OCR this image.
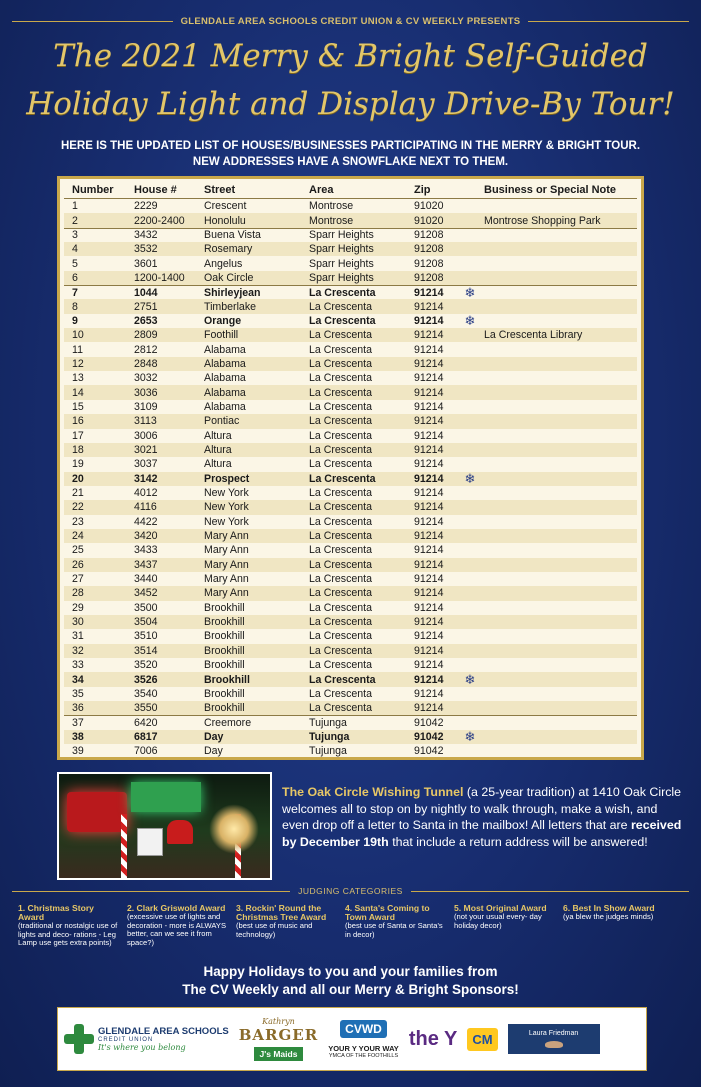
GLENDALE AREA SCHOOLS CREDIT UNION & CV WEEKLY PRESENTS
The 2021 Merry & Bright Self-Guided
Holiday Light and Display Drive-By Tour!
HERE IS THE UPDATED LIST OF HOUSES/BUSINESSES PARTICIPATING IN THE MERRY & BRIGHT TOUR.
NEW ADDRESSES HAVE A SNOWFLAKE NEXT TO THEM.
Number	House #	Street	Area	Zip	Business or Special Note
1	2229	Crescent	Montrose	91020
2	2200-2400	Honolulu	Montrose	91020	Montrose Shopping Park
3	3432	Buena Vista	Sparr Heights	91208
4	3532	Rosemary	Sparr Heights	91208
5	3601	Angelus	Sparr Heights	91208
6	1200-1400	Oak Circle	Sparr Heights	91208
7	1044	Shirleyjean	La Crescenta	91214	❄
8	2751	Timberlake	La Crescenta	91214
9	2653	Orange	La Crescenta	91214	❄
10	2809	Foothill	La Crescenta	91214	La Crescenta Library
11	2812	Alabama	La Crescenta	91214
12	2848	Alabama	La Crescenta	91214
13	3032	Alabama	La Crescenta	91214
14	3036	Alabama	La Crescenta	91214
15	3109	Alabama	La Crescenta	91214
16	3113	Pontiac	La Crescenta	91214
17	3006	Altura	La Crescenta	91214
18	3021	Altura	La Crescenta	91214
19	3037	Altura	La Crescenta	91214
20	3142	Prospect	La Crescenta	91214	❄
21	4012	New York	La Crescenta	91214
22	4116	New York	La Crescenta	91214
23	4422	New York	La Crescenta	91214
24	3420	Mary Ann	La Crescenta	91214
25	3433	Mary Ann	La Crescenta	91214
26	3437	Mary Ann	La Crescenta	91214
27	3440	Mary Ann	La Crescenta	91214
28	3452	Mary Ann	La Crescenta	91214
29	3500	Brookhill	La Crescenta	91214
30	3504	Brookhill	La Crescenta	91214
31	3510	Brookhill	La Crescenta	91214
32	3514	Brookhill	La Crescenta	91214
33	3520	Brookhill	La Crescenta	91214
34	3526	Brookhill	La Crescenta	91214	❄
35	3540	Brookhill	La Crescenta	91214
36	3550	Brookhill	La Crescenta	91214
37	6420	Creemore	Tujunga	91042
38	6817	Day	Tujunga	91042	❄
39	7006	Day	Tujunga	91042
The Oak Circle Wishing Tunnel (a 25-year tradition) at 1410 Oak Circle welcomes all to stop on by nightly to walk through, make a wish, and even drop off a letter to Santa in the mailbox! All letters that are received by December 19th that include a return address will be answered!
JUDGING CATEGORIES
1. Christmas Story Award
(traditional or nostalgic use of lights and deco- rations - Leg Lamp use gets extra points)
2. Clark Griswold Award
(excessive use of lights and decoration - more is ALWAYS better, can we see it from space?)
3. Rockin' Round the Christmas Tree Award
(best use of music and technology)
4. Santa's Coming to Town Award
(best use of Santa or Santa's in decor)
5. Most Original Award
(not your usual every- day holiday decor)
6. Best In Show Award
(ya blew the judges minds)
Happy Holidays to you and your families from
The CV Weekly and all our Merry & Bright Sponsors!
GLENDALE AREA SCHOOLS
CREDIT UNION
It's where you belong
Kathryn
BARGER
J's Maids
CVWD
YOUR Y YOUR WAY
YMCA OF THE FOOTHILLS
the Y	CM	Laura Friedman
